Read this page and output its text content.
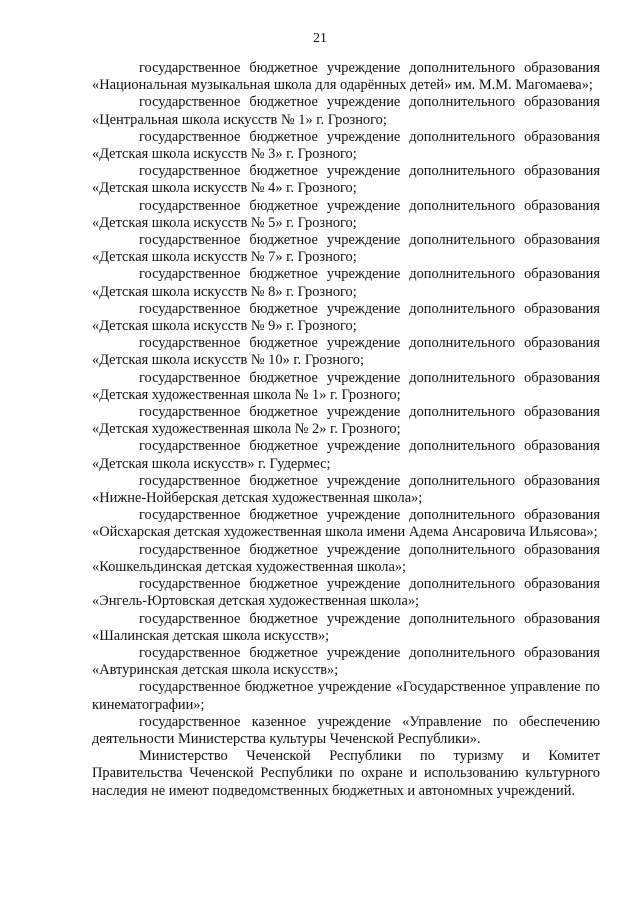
21

государственное бюджетное учреждение дополнительного образования «Национальная музыкальная школа для одарённых детей» им. М.М. Магомаева»;

государственное бюджетное учреждение дополнительного образования «Центральная школа искусств № 1» г. Грозного;

государственное бюджетное учреждение дополнительного образования «Детская школа искусств № 3» г. Грозного;

государственное бюджетное учреждение дополнительного образования «Детская школа искусств № 4» г. Грозного;

государственное бюджетное учреждение дополнительного образования «Детская школа искусств № 5» г. Грозного;

государственное бюджетное учреждение дополнительного образования «Детская школа искусств № 7» г. Грозного;

государственное бюджетное учреждение дополнительного образования «Детская школа искусств № 8» г. Грозного;

государственное бюджетное учреждение дополнительного образования «Детская школа искусств № 9» г. Грозного;

государственное бюджетное учреждение дополнительного образования «Детская школа искусств № 10» г. Грозного;

государственное бюджетное учреждение дополнительного образования «Детская художественная школа № 1» г. Грозного;

государственное бюджетное учреждение дополнительного образования «Детская художественная школа № 2» г. Грозного;

государственное бюджетное учреждение дополнительного образования «Детская школа искусств» г. Гудермес;

государственное бюджетное учреждение дополнительного образования «Нижне-Нойберская детская художественная школа»;

государственное бюджетное учреждение дополнительного образования «Ойсхарская детская художественная школа имени Адема Ансаровича Ильясова»;

государственное бюджетное учреждение дополнительного образования «Кошкельдинская детская художественная школа»;

государственное бюджетное учреждение дополнительного образования «Энгель-Юртовская детская художественная школа»;

государственное бюджетное учреждение дополнительного образования «Шалинская детская школа искусств»;

государственное бюджетное учреждение дополнительного образования «Автуринская детская школа искусств»;

государственное бюджетное учреждение «Государственное управление по кинематографии»;

государственное казенное учреждение «Управление по обеспечению деятельности Министерства культуры Чеченской Республики».

Министерство Чеченской Республики по туризму и Комитет Правительства Чеченской Республики по охране и использованию культурного наследия не имеют подведомственных бюджетных и автономных учреждений.
